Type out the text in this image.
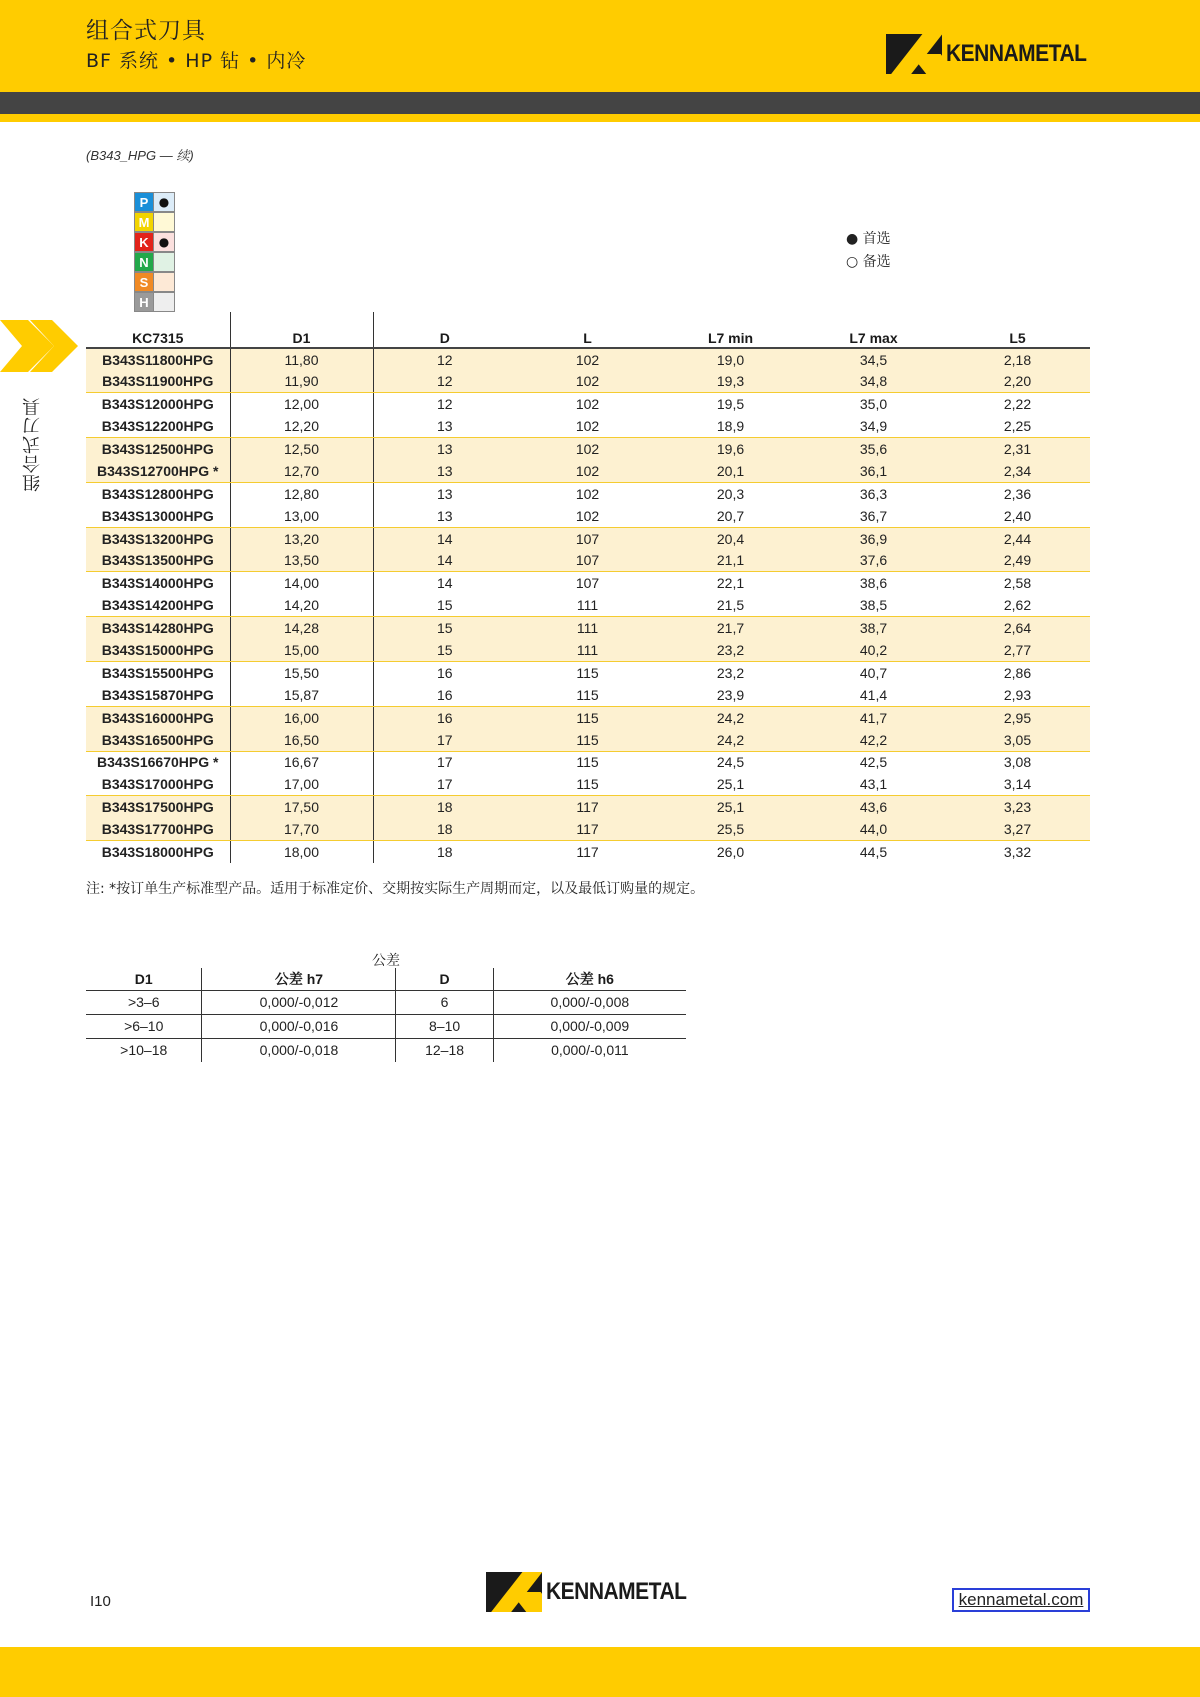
组合式刀具
BF 系统 • HP 钻 • 内冷	KENNAMETAL
(B343_HPG — 续)
P ●
M
K ●
N
S
H
● 首选
○ 备选
组合式刀具
KC7315	D1	D	L	L7 min	L7 max	L5
B343S11800HPG	11,80	12	102	19,0	34,5	2,18
B343S11900HPG	11,90	12	102	19,3	34,8	2,20
B343S12000HPG	12,00	12	102	19,5	35,0	2,22
B343S12200HPG	12,20	13	102	18,9	34,9	2,25
B343S12500HPG	12,50	13	102	19,6	35,6	2,31
B343S12700HPG *	12,70	13	102	20,1	36,1	2,34
B343S12800HPG	12,80	13	102	20,3	36,3	2,36
B343S13000HPG	13,00	13	102	20,7	36,7	2,40
B343S13200HPG	13,20	14	107	20,4	36,9	2,44
B343S13500HPG	13,50	14	107	21,1	37,6	2,49
B343S14000HPG	14,00	14	107	22,1	38,6	2,58
B343S14200HPG	14,20	15	111	21,5	38,5	2,62
B343S14280HPG	14,28	15	111	21,7	38,7	2,64
B343S15000HPG	15,00	15	111	23,2	40,2	2,77
B343S15500HPG	15,50	16	115	23,2	40,7	2,86
B343S15870HPG	15,87	16	115	23,9	41,4	2,93
B343S16000HPG	16,00	16	115	24,2	41,7	2,95
B343S16500HPG	16,50	17	115	24,2	42,2	3,05
B343S16670HPG *	16,67	17	115	24,5	42,5	3,08
B343S17000HPG	17,00	17	115	25,1	43,1	3,14
B343S17500HPG	17,50	18	117	25,1	43,6	3,23
B343S17700HPG	17,70	18	117	25,5	44,0	3,27
B343S18000HPG	18,00	18	117	26,0	44,5	3,32
注: *按订单生产标准型产品。适用于标准定价、交期按实际生产周期而定，以及最低订购量的规定。
公差
D1	公差 h7	D	公差 h6
>3–6	0,000/-0,012	6	0,000/-0,008
>6–10	0,000/-0,016	8–10	0,000/-0,009
>10–18	0,000/-0,018	12–18	0,000/-0,011
I10	KENNAMETAL	kennametal.com
